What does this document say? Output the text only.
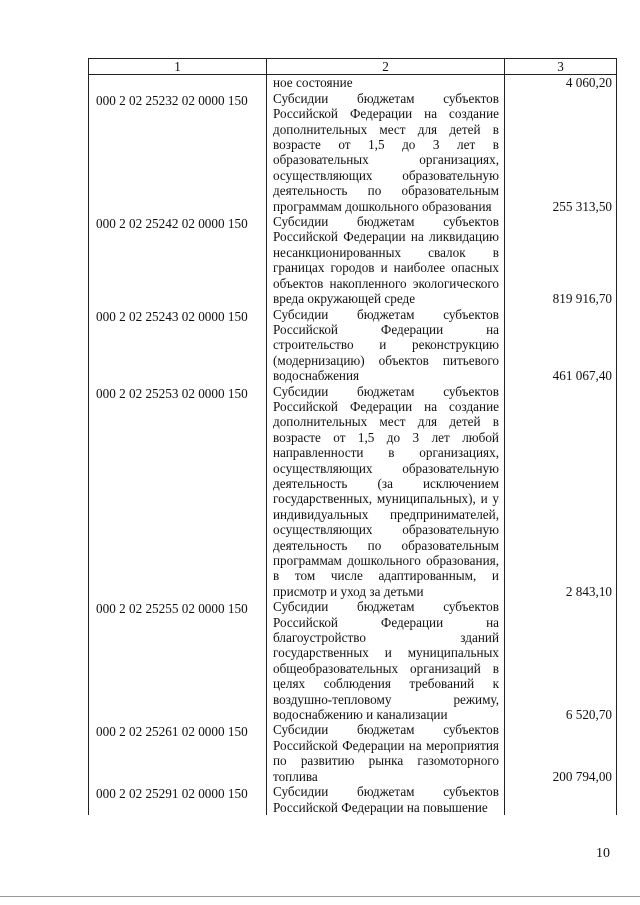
1	2	3
	ное состояние	4 060,20
000 2 02 25232 02 0000 150	Субсидии бюджетам субъектов Российской Федерации на создание дополнительных мест для детей в возрасте от 1,5 до 3 лет в образовательных организациях, осуществляющих образовательную деятельность по образовательным программам дошкольного образования	255 313,50
000 2 02 25242 02 0000 150	Субсидии бюджетам субъектов Российской Федерации на ликвидацию несанкционированных свалок в границах городов и наиболее опасных объектов накопленного экологического вреда окружающей среде	819 916,70
000 2 02 25243 02 0000 150	Субсидии бюджетам субъектов Российской Федерации на строительство и реконструкцию (модернизацию) объектов питьевого водоснабжения	461 067,40
000 2 02 25253 02 0000 150	Субсидии бюджетам субъектов Российской Федерации на создание дополнительных мест для детей в возрасте от 1,5 до 3 лет любой направленности в организациях, осуществляющих образовательную деятельность (за исключением государственных, муниципальных), и у индивидуальных предпринимателей, осуществляющих образовательную деятельность по образовательным программам дошкольного образования, в том числе адаптированным, и присмотр и уход за детьми	2 843,10
000 2 02 25255 02 0000 150	Субсидии бюджетам субъектов Российской Федерации на благоустройство зданий государственных и муниципальных общеобразовательных организаций в целях соблюдения требований к воздушно-тепловому режиму, водоснабжению и канализации	6 520,70
000 2 02 25261 02 0000 150	Субсидии бюджетам субъектов Российской Федерации на мероприятия по развитию рынка газомоторного топлива	200 794,00
000 2 02 25291 02 0000 150	Субсидии бюджетам субъектов Российской Федерации на повышение	
10
